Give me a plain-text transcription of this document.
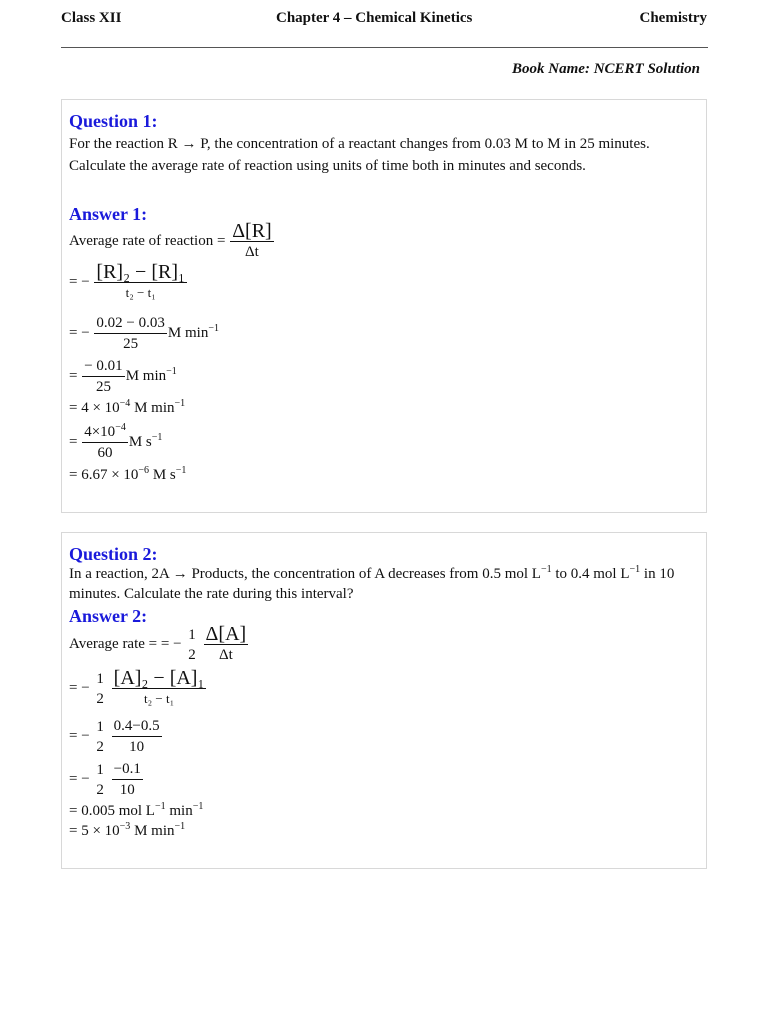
Class XII	Chapter 4 – Chemical Kinetics	Chemistry
Book Name: NCERT Solution
Question 1:
For the reaction R → P, the concentration of a reactant changes from 0.03 M to M in 25 minutes. Calculate the average rate of reaction using units of time both in minutes and seconds.
Answer 1:
Average rate of reaction = $\frac{\Delta[R]}{\Delta t}$
= − $\frac{\text{[R]₂ − [R]₁}}{\text{t₂ − t₁}}$
= − $\frac{0.02 - 0.03}{25}$ M $\min^{-1}$
= $\frac{- 0.01}{25}$ M $\min^{-1}$
= $4 \times 10^{-4}$ M $\min^{-1}$
= $\frac{4\times 10^{-4}}{60}$ M $s^{-1}$
= $6.67 \times 10^{-6}$ M $s^{-1}$
Question 2:
In a reaction, 2A → Products, the concentration of A decreases from 0.5 mol $L^{-1}$ to 0.4 mol $L^{-1}$ in 10 minutes. Calculate the rate during this interval?
Answer 2:
Average rate = = −
1
2
$\frac{\Delta[A]}{\Delta t}$
= −
1
2
$\frac{\text{[A]₂ − [A]₁}}{\text{t₂ − t₁}}$
= −
1
2
$\frac{0.4-0.5}{10}$
= −
1
2
$\frac{-0.1}{10}$
= 0.005 mol $L^{-1}$ $\min^{-1}$
= $5 \times 10^{-3}$ M $\min^{-1}$
